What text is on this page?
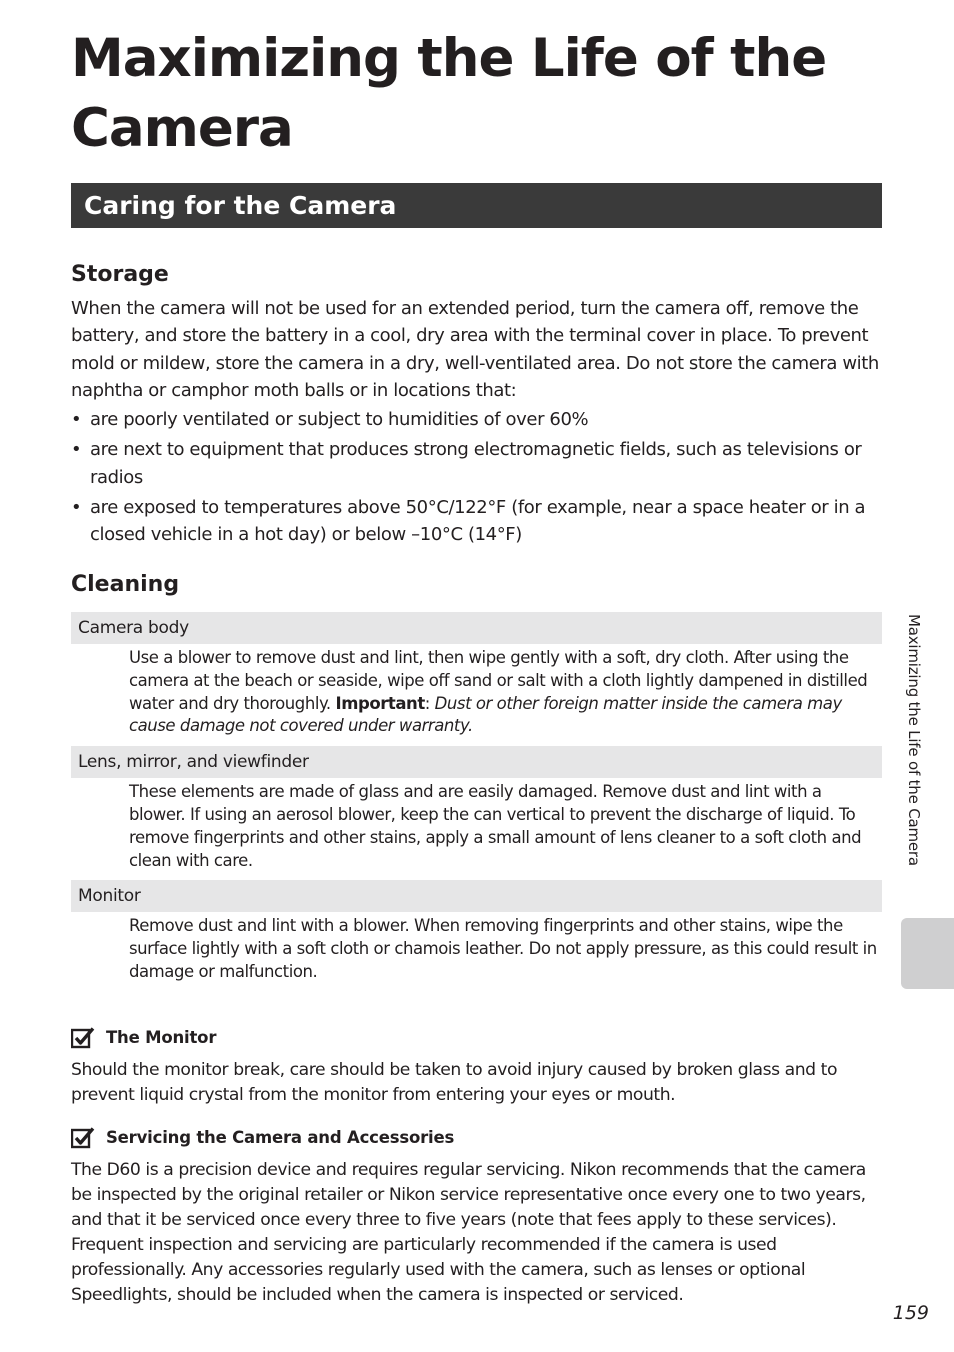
Maximizing the Life of the Camera
Caring for the Camera
Storage

When the camera will not be used for an extended period, turn the camera off, remove the battery, and store the battery in a cool, dry area with the terminal cover in place. To prevent mold or mildew, store the camera in a dry, well-ventilated area. Do not store the camera with naphtha or camphor moth balls or in locations that:

• are poorly ventilated or subject to humidities of over 60%
• are next to equipment that produces strong electromagnetic fields, such as televisions or radios
• are exposed to temperatures above 50°C/122°F (for example, near a space heater or in a closed vehicle in a hot day) or below –10°C (14°F)
Cleaning
Camera body
Use a blower to remove dust and lint, then wipe gently with a soft, dry cloth. After using the camera at the beach or seaside, wipe off sand or salt with a cloth lightly dampened in distilled water and dry thoroughly. Important: Dust or other foreign matter inside the camera may cause damage not covered under warranty.
Lens, mirror, and viewfinder
These elements are made of glass and are easily damaged. Remove dust and lint with a blower. If using an aerosol blower, keep the can vertical to prevent the discharge of liquid. To remove fingerprints and other stains, apply a small amount of lens cleaner to a soft cloth and clean with care.
Monitor
Remove dust and lint with a blower. When removing fingerprints and other stains, wipe the surface lightly with a soft cloth or chamois leather. Do not apply pressure, as this could result in damage or malfunction.
The Monitor

Should the monitor break, care should be taken to avoid injury caused by broken glass and to prevent liquid crystal from the monitor from entering your eyes or mouth.

Servicing the Camera and Accessories

The D60 is a precision device and requires regular servicing. Nikon recommends that the camera be inspected by the original retailer or Nikon service representative once every one to two years, and that it be serviced once every three to five years (note that fees apply to these services). Frequent inspection and servicing are particularly recommended if the camera is used professionally. Any accessories regularly used with the camera, such as lenses or optional Speedlights, should be included when the camera is inspected or serviced.

Maximizing the Life of the Camera
159
